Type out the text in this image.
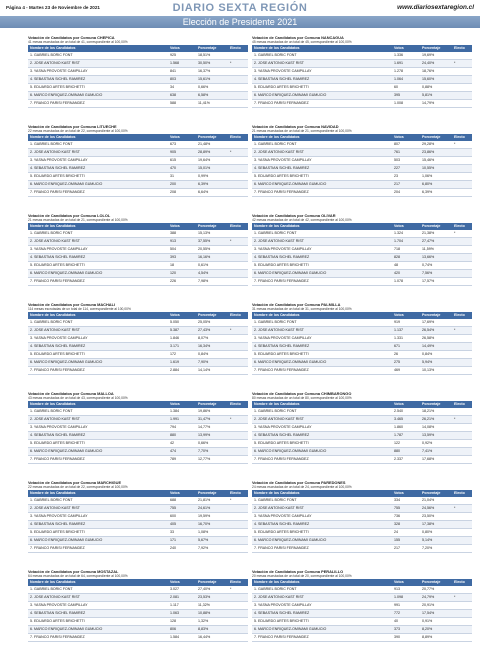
Página 4 - Martes 23 de Noviembre de 2021	DIARIO SEXTA REGIÓN	www.diariosextaregion.cl
Elección de Presidente 2021
Votación de Candidatos por Comuna CHEPICA
41 mesas escrutadas de un total de 41, correspondiente al 100,00%
Nombre de los Candidatos	Votos	Porcentaje	Electo
1. GABRIEL BORIC FONT	925	18,51%	
2. JOSE ANTONIO KAST RIST	1.568	30,50%	*
3. YASNA PROVOSTE CAMPILLAY	841	16,37%	
4. SEBASTIAN SICHEL RAMIREZ	803	15,61%	
5. EDUARDO ARTES BRICHETTI	34	0,66%	
6. MARCO ENRIQUEZ-OMINAMI GUMUCIO	638	6,58%	
7. FRANCO PARISI FERNANDEZ	588	11,41%	
Votación de Candidatos por Comuna NANCAGUA
45 mesas escrutadas de un total de 45, correspondiente al 100,00%
Nombre de los Candidatos	Votos	Porcentaje	Electo
1. GABRIEL BORIC FONT	1.336	19,69%	
2. JOSE ANTONIO KAST RIST	1.691	24,40%	*
3. YASNA PROVOSTE CAMPILLAY	1.278	18,76%	
4. SEBASTIAN SICHEL RAMIREZ	1.064	15,60%	
5. EDUARDO ARTES BRICHETTI	60	0,88%	
6. MARCO ENRIQUEZ-OMINAMI GUMUCIO	395	5,81%	
7. FRANCO PARISI FERNANDEZ	1.008	14,79%	
Votación de Candidatos por Comuna LITUECHE
22 mesas escrutadas de un total de 22, correspondiente al 100,00%
Nombre de los Candidatos	Votos	Porcentaje	Electo
1. GABRIEL BORIC FONT	673	21,48%	
2. JOSE ANTONIO KAST RIST	905	28,89%	*
3. YASNA PROVOSTE CAMPILLAY	615	19,64%	
4. SEBASTIAN SICHEL RAMIREZ	470	15,01%	
5. EDUARDO ARTES BRICHETTI	31	0,99%	
6. MARCO ENRIQUEZ-OMINAMI GUMUCIO	200	6,39%	
7. FRANCO PARISI FERNANDEZ	208	6,64%	
Votación de Candidatos por Comuna NAVIDAD
21 mesas escrutadas de un total de 21, correspondiente al 100,00%
Nombre de los Candidatos	Votos	Porcentaje	Electo
1. GABRIEL BORIC FONT	807	29,28%	*
2. JOSE ANTONIO KAST RIST	761	23,86%	
3. YASNA PROVOSTE CAMPILLAY	503	15,46%	
4. SEBASTIAN SICHEL RAMIREZ	227	10,55%	
5. EDUARDO ARTES BRICHETTI	23	1,06%	
6. MARCO ENRIQUEZ-OMINAMI GUMUCIO	217	6,80%	
7. FRANCO PARISI FERNANDEZ	204	6,39%	
Votación de Candidatos por Comuna LOLOL
21 mesas escrutadas de un total de 21, correspondiente al 100,00%
Nombre de los Candidatos	Votos	Porcentaje	Electo
1. GABRIEL BORIC FONT	388	15,13%	
2. JOSE ANTONIO KAST RIST	913	37,55%	*
3. YASNA PROVOSTE CAMPILLAY	504	20,55%	
4. SEBASTIAN SICHEL RAMIREZ	393	16,16%	
5. EDUARDO ARTES BRICHETTI	18	0,61%	
6. MARCO ENRIQUEZ-OMINAMI GUMUCIO	120	4,54%	
7. FRANCO PARISI FERNANDEZ	226	7,98%	
Votación de Candidatos por Comuna OLIVAR
42 mesas escrutadas de un total de 42, correspondiente al 100,00%
Nombre de los Candidatos	Votos	Porcentaje	Electo
1. GABRIEL BORIC FONT	1.324	21,38%	*
2. JOSE ANTONIO KAST RIST	1.704	27,47%	
3. YASNA PROVOSTE CAMPILLAY	718	11,59%	
4. SEBASTIAN SICHEL RAMIREZ	828	13,66%	
5. EDUARDO ARTES BRICHETTI	48	0,74%	
6. MARCO ENRIQUEZ-OMINAMI GUMUCIO	420	7,56%	
7. FRANCO PARISI FERNANDEZ	1.078	17,57%	
Votación de Candidatos por Comuna MACHALI
114 mesas escrutadas de un total de 114, correspondiente al 100,00%
Nombre de los Candidatos	Votos	Porcentaje	Electo
1. GABRIEL BORIC FONT	5.050	25,05%	
2. JOSE ANTONIO KAST RIST	5.387	27,43%	*
3. YASNA PROVOSTE CAMPILLAY	1.846	8,07%	
4. SEBASTIAN SICHEL RAMIREZ	3.171	16,34%	
5. EDUARDO ARTES BRICHETTI	172	0,84%	
6. MARCO ENRIQUEZ-OMINAMI GUMUCIO	1.619	7,90%	
7. FRANCO PARISI FERNANDEZ	2.884	14,14%	
Votación de Candidatos por Comuna PALMILLA
31 mesas escrutadas de un total de 31, correspondiente al 100,00%
Nombre de los Candidatos	Votos	Porcentaje	Electo
1. GABRIEL BORIC FONT	919	17,69%	
2. JOSE ANTONIO KAST RIST	1.137	26,54%	*
3. YASNA PROVOSTE CAMPILLAY	1.331	26,58%	
4. SEBASTIAN SICHEL RAMIREZ	671	14,49%	
5. EDUARDO ARTES BRICHETTI	26	0,84%	
6. MARCO ENRIQUEZ-OMINAMI GUMUCIO	275	5,94%	
7. FRANCO PARISI FERNANDEZ	469	10,13%	
Votación de Candidatos por Comuna MALLOA
43 mesas escrutadas de un total de 43, correspondiente al 100,00%
Nombre de los Candidatos	Votos	Porcentaje	Electo
1. GABRIEL BORIC FONT	1.384	19,86%	
2. JOSE ANTONIO KAST RIST	1.991	31,47%	*
3. YASNA PROVOSTE CAMPILLAY	794	14,77%	
4. SEBASTIAN SICHEL RAMIREZ	880	13,99%	
5. EDUARDO ARTES BRICHETTI	42	0,66%	
6. MARCO ENRIQUEZ-OMINAMI GUMUCIO	474	7,70%	
7. FRANCO PARISI FERNANDEZ	789	12,77%	
Votación de Candidatos por Comuna CHIMBARONGO
80 mesas escrutadas de un total de 80, correspondiente al 100,00%
Nombre de los Candidatos	Votos	Porcentaje	Electo
1. GABRIEL BORIC FONT	2.540	18,21%	
2. JOSE ANTONIO KAST RIST	3.465	26,21%	*
3. YASNA PROVOSTE CAMPILLAY	1.860	14,08%	
4. SEBASTIAN SICHEL RAMIREZ	1.787	13,59%	
5. EDUARDO ARTES BRICHETTI	122	0,92%	
6. MARCO ENRIQUEZ-OMINAMI GUMUCIO	880	7,41%	
7. FRANCO PARISI FERNANDEZ	2.337	17,68%	
Votación de Candidatos por Comuna MARCHIGUE
22 mesas escrutadas de un total de 22, correspondiente al 100,00%
Nombre de los Candidatos	Votos	Porcentaje	Electo
1. GABRIEL BORIC FONT	688	21,81%	*
2. JOSE ANTONIO KAST RIST	755	24,61%	
3. YASNA PROVOSTE CAMPILLAY	600	19,59%	
4. SEBASTIAN SICHEL RAMIREZ	405	16,70%	
5. EDUARDO ARTES BRICHETTI	33	1,08%	
6. MARCO ENRIQUEZ-OMINAMI GUMUCIO	171	5,67%	
7. FRANCO PARISI FERNANDEZ	240	7,92%	
Votación de Candidatos por Comuna PAREDONES
24 mesas escrutadas de un total de 24, correspondiente al 100,00%
Nombre de los Candidatos	Votos	Porcentaje	Electo
1. GABRIEL BORIC FONT	334	21,04%	
2. JOSE ANTONIO KAST RIST	755	24,56%	*
3. YASNA PROVOSTE CAMPILLAY	736	23,50%	
4. SEBASTIAN SICHEL RAMIREZ	328	17,38%	
5. EDUARDO ARTES BRICHETTI	24	0,80%	
6. MARCO ENRIQUEZ-OMINAMI GUMUCIO	155	5,14%	
7. FRANCO PARISI FERNANDEZ	217	7,20%	
Votación de Candidatos por Comuna MOSTAZAL
64 mesas escrutadas de un total de 64, correspondiente al 100,00%
Nombre de los Candidatos	Votos	Porcentaje	Electo
1. GABRIEL BORIC FONT	3.027	27,40%	*
2. JOSE ANTONIO KAST RIST	2.081	23,53%	
3. YASNA PROVOSTE CAMPILLAY	1.117	11,32%	
4. SEBASTIAN SICHEL RAMIREZ	1.063	10,88%	
5. EDUARDO ARTES BRICHETTI	128	1,32%	
6. MARCO ENRIQUEZ-OMINAMI GUMUCIO	806	8,83%	
7. FRANCO PARISI FERNANDEZ	1.584	16,44%	
Votación de Candidatos por Comuna PERALILLO
20 mesas escrutadas de un total de 20, correspondiente al 100,00%
Nombre de los Candidatos	Votos	Porcentaje	Electo
1. GABRIEL BORIC FONT	913	20,77%	
2. JOSE ANTONIO KAST RIST	1.098	24,79%	*
3. YASNA PROVOSTE CAMPILLAY	991	20,91%	
4. SEBASTIAN SICHEL RAMIREZ	772	17,54%	
5. EDUARDO ARTES BRICHETTI	40	0,91%	
6. MARCO ENRIQUEZ-OMINAMI GUMUCIO	373	8,20%	
7. FRANCO PARISI FERNANDEZ	390	8,89%	
